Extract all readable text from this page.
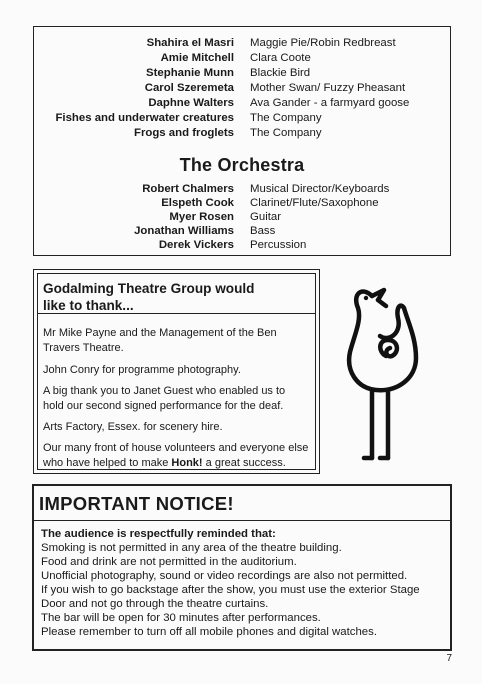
Shahira el Masri Maggie Pie/Robin Redbreast
Amie Mitchell Clara Coote
Stephanie Munn Blackie Bird
Carol Szeremeta Mother Swan/ Fuzzy Pheasant
Daphne Walters Ava Gander - a farmyard goose
Fishes and underwater creatures The Company
Frogs and froglets The Company
The Orchestra
Robert Chalmers Musical Director/Keyboards
Elspeth Cook Clarinet/Flute/Saxophone
Myer Rosen Guitar
Jonathan Williams Bass
Derek Vickers Percussion
Godalming Theatre Group would
like to thank...
Mr Mike Payne and the Management of the Ben
Travers Theatre.
John Conry for programme photography.
A big thank you to Janet Guest who enabled us to
hold our second signed performance for the deaf.
Arts Factory, Essex. for scenery hire.
Our many front of house volunteers and everyone else
who have helped to make Honk! a great success.
IMPORTANT NOTICE!
The audience is respectfully reminded that:
Smoking is not permitted in any area of the theatre building.
Food and drink are not permitted in the auditorium.
Unofficial photography, sound or video recordings are also not permitted.
If you wish to go backstage after the show, you must use the exterior Stage
Door and not go through the theatre curtains.
The bar will be open for 30 minutes after performances.
Please remember to turn off all mobile phones and digital watches.
7
